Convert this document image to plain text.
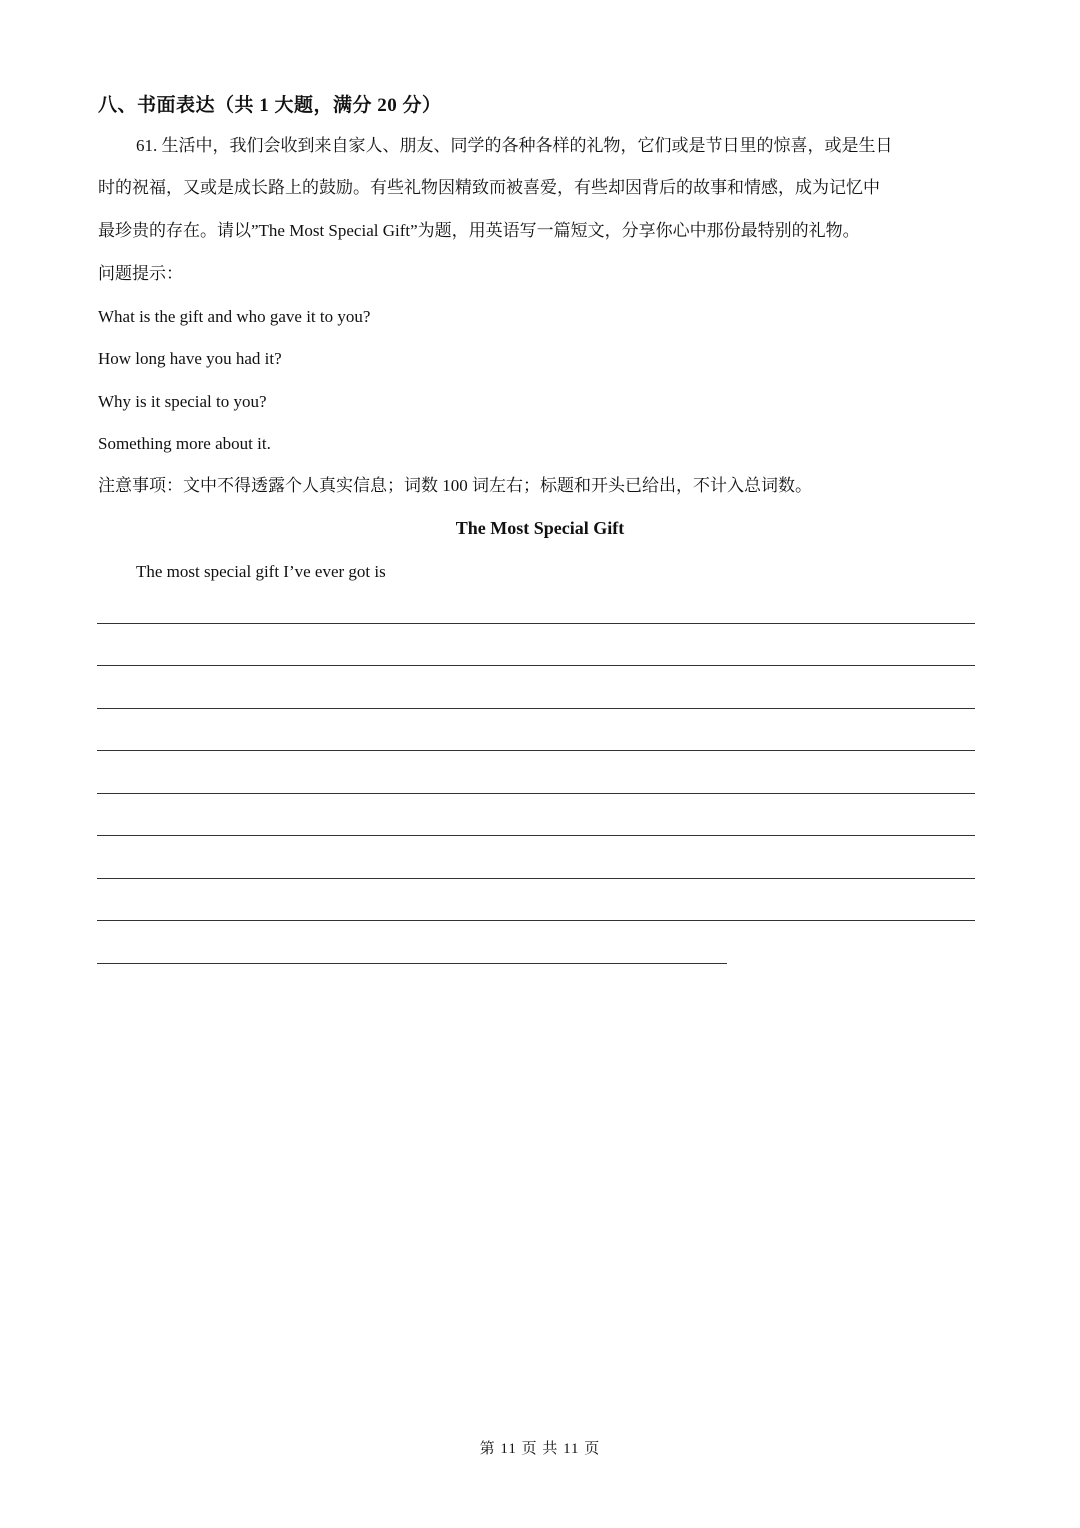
八、书面表达（共 1 大题，满分 20 分）
61. 生活中，我们会收到来自家人、朋友、同学的各种各样的礼物，它们或是节日里的惊喜，或是生日
时的祝福，又或是成长路上的鼓励。有些礼物因精致而被喜爱，有些却因背后的故事和情感，成为记忆中
最珍贵的存在。请以”The Most Special Gift”为题，用英语写一篇短文，分享你心中那份最特别的礼物。
问题提示：
What is the gift and who gave it to you?
How long have you had it?
Why is it special to you?
Something more about it.
注意事项：文中不得透露个人真实信息；词数 100 词左右；标题和开头已给出，不计入总词数。
The Most Special Gift
The most special gift I’ve ever got is
第 11 页 共 11 页
